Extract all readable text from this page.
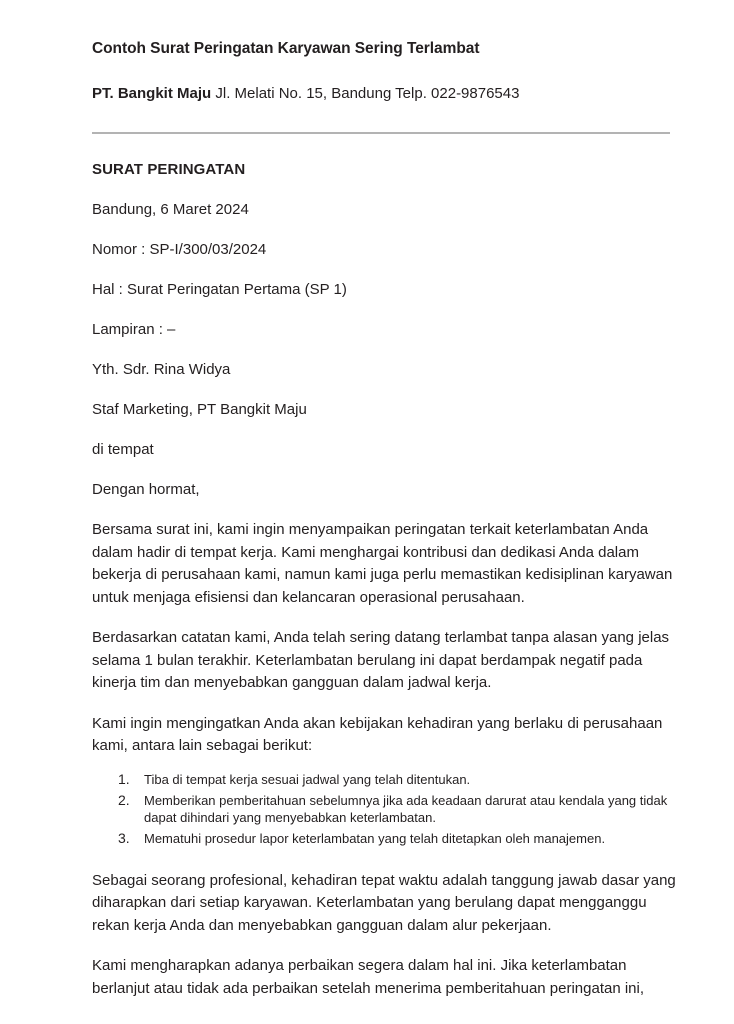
Contoh Surat Peringatan Karyawan Sering Terlambat

PT. Bangkit Maju Jl. Melati No. 15, Bandung Telp. 022-9876543

SURAT PERINGATAN

Bandung, 6 Maret 2024

Nomor : SP-I/300/03/2024

Hal : Surat Peringatan Pertama (SP 1)

Lampiran : –

Yth. Sdr. Rina Widya

Staf Marketing, PT Bangkit Maju

di tempat

Dengan hormat,

Bersama surat ini, kami ingin menyampaikan peringatan terkait keterlambatan Anda dalam hadir di tempat kerja. Kami menghargai kontribusi dan dedikasi Anda dalam bekerja di perusahaan kami, namun kami juga perlu memastikan kedisiplinan karyawan untuk menjaga efisiensi dan kelancaran operasional perusahaan.

Berdasarkan catatan kami, Anda telah sering datang terlambat tanpa alasan yang jelas selama 1 bulan terakhir. Keterlambatan berulang ini dapat berdampak negatif pada kinerja tim dan menyebabkan gangguan dalam jadwal kerja.

Kami ingin mengingatkan Anda akan kebijakan kehadiran yang berlaku di perusahaan kami, antara lain sebagai berikut:

Tiba di tempat kerja sesuai jadwal yang telah ditentukan.
Memberikan pemberitahuan sebelumnya jika ada keadaan darurat atau kendala yang tidak dapat dihindari yang menyebabkan keterlambatan.
Mematuhi prosedur lapor keterlambatan yang telah ditetapkan oleh manajemen.

Sebagai seorang profesional, kehadiran tepat waktu adalah tanggung jawab dasar yang diharapkan dari setiap karyawan. Keterlambatan yang berulang dapat mengganggu rekan kerja Anda dan menyebabkan gangguan dalam alur pekerjaan.

Kami mengharapkan adanya perbaikan segera dalam hal ini. Jika keterlambatan berlanjut atau tidak ada perbaikan setelah menerima pemberitahuan peringatan ini,
